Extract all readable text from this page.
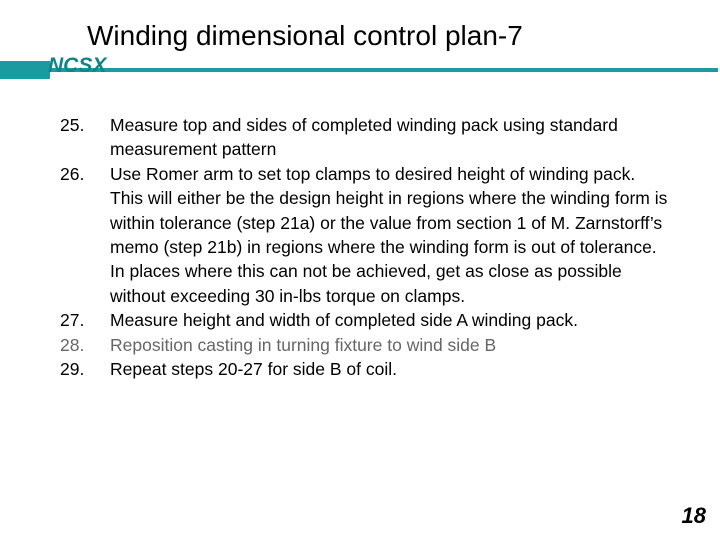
Winding dimensional control plan-7
NCSX
25.	Measure top and sides of completed winding pack using standard measurement pattern
26.	Use Romer arm to set top clamps to desired height of winding pack. This will either be the design height in regions where the winding form is within tolerance (step 21a) or the value from section 1 of M. Zarnstorff’s memo (step 21b) in regions where the winding form is out of tolerance. In places where this can not be achieved, get as close as possible without exceeding 30 in-lbs torque on clamps.
27.	Measure height and width of completed side A winding pack.
28.	Reposition casting in turning fixture to wind side B
29.	Repeat steps 20-27 for side B of coil.
18
